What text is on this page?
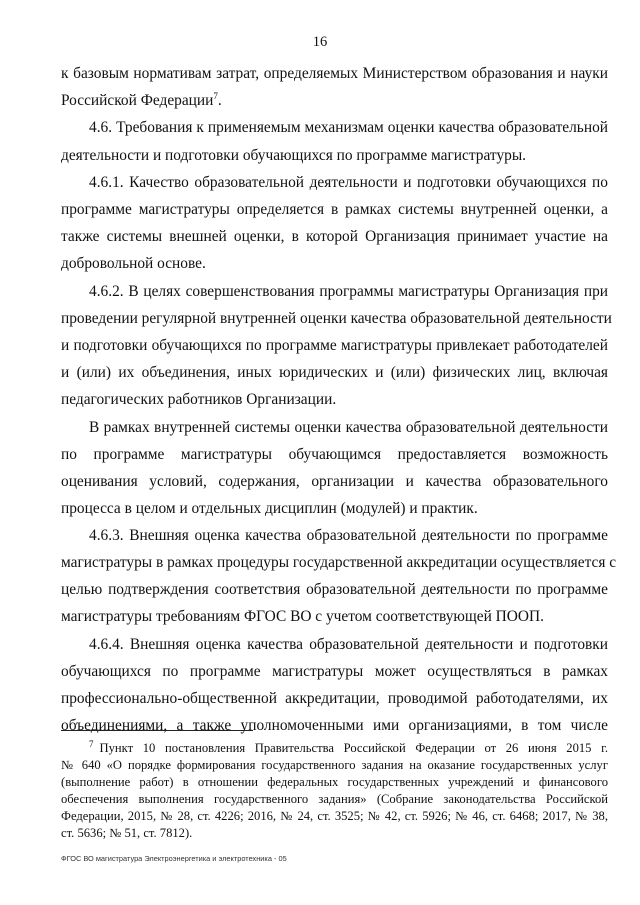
16
к базовым нормативам затрат, определяемых Министерством образования и науки
Российской Федерации$^7$.
4.6. Требования к применяемым механизмам оценки качества образовательной
деятельности и подготовки обучающихся по программе магистратуры.
4.6.1. Качество образовательной деятельности и подготовки обучающихся по
программе магистратуры определяется в рамках системы внутренней оценки, а
также системы внешней оценки, в которой Организация принимает участие на
добровольной основе.
4.6.2. В целях совершенствования программы магистратуры Организация при
проведении регулярной внутренней оценки качества образовательной деятельности
и подготовки обучающихся по программе магистратуры привлекает работодателей
и (или) их объединения, иных юридических и (или) физических лиц, включая
педагогических работников Организации.
В рамках внутренней системы оценки качества образовательной деятельности
по программе магистратуры обучающимся предоставляется возможность
оценивания условий, содержания, организации и качества образовательного
процесса в целом и отдельных дисциплин (модулей) и практик.
4.6.3. Внешняя оценка качества образовательной деятельности по программе
магистратуры в рамках процедуры государственной аккредитации осуществляется с
целью подтверждения соответствия образовательной деятельности по программе
магистратуры требованиям ФГОС ВО с учетом соответствующей ПООП.
4.6.4. Внешняя оценка качества образовательной деятельности и подготовки
обучающихся по программе магистратуры может осуществляться в рамках
профессионально-общественной аккредитации, проводимой работодателями, их
объединениями, а также уполномоченными ими организациями, в том числе
$^7$ Пункт 10 постановления Правительства Российской Федерации от 26 июня 2015 г.
№ 640 «О порядке формирования государственного задания на оказание государственных услуг
(выполнение работ) в отношении федеральных государственных учреждений и финансового
обеспечения выполнения государственного задания» (Собрание законодательства Российской
Федерации, 2015, № 28, ст. 4226; 2016, № 24, ст. 3525; № 42, ст. 5926; № 46, ст. 6468; 2017, № 38,
ст. 5636; № 51, ст. 7812).
ФГОС ВО магистратура Электроэнергетика и электротехника - 05
